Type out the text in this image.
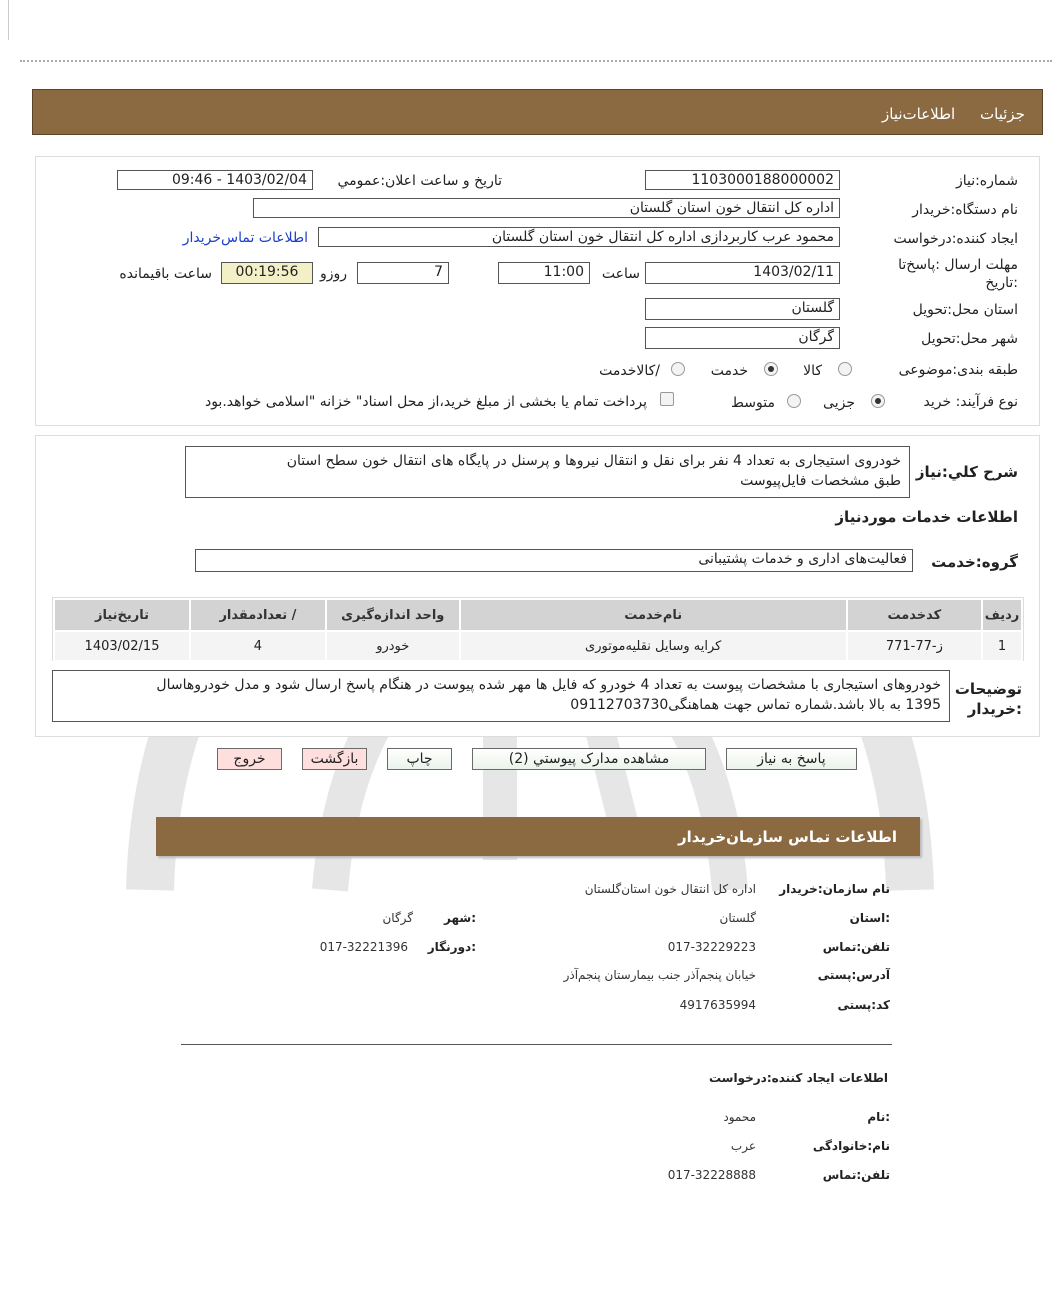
جزئیات
اطلاعات‌نیاز
شماره:نیاز
1103000188000002
تاریخ و ساعت اعلان:عمومي
1403/02/04 - 09:46
نام دستگاه:خریدار
اداره کل انتقال خون استان گلستان
ایجاد کننده:درخواست
محمود عرب کاربردازی اداره کل انتقال خون استان گلستان
اطلاعات تماس‌خریدار
مهلت ارسال :پاسخ‌تا
:تاریخ
1403/02/11
ساعت
11:00
7
روزو
00:19:56
ساعت باقیمانده
استان محل:تحویل
گلستان
شهر محل:تحویل
گرگان
طبقه بندی:موضوعی
کالا
خدمت
/کالاخدمت
نوع فرآیند: خرید
جزیی
متوسط
پرداخت تمام یا بخشی از مبلغ خرید،از محل اسناد" خزانه "اسلامی خواهد.بود
شرح کلي:نیاز
خودروی استیجاری به تعداد 4 نفر برای نقل و انتقال نیروها و پرسنل در پایگاه های انتقال خون سطح استان
طبق مشخصات فایل‌پیوست
اطلاعات خدمات موردنیاز
گروه:خدمت
فعالیت‌های اداری و خدمات پشتیبانی
ردیف	کدخدمت	نام‌خدمت	واحد اندازه‌گیری	/ تعدادمقدار	تاریخ‌نیاز
1	ز-77-771	کرایه وسایل نقلیه‌موتوری	خودرو	4	1403/02/15
توضیحات
:خریدار
خودروهای استیجاری با مشخصات پیوست به تعداد 4 خودرو که فایل ها مهر شده پیوست در هنگام پاسخ ارسال شود و مدل خودروهاسال
1395 به بالا باشد.شماره تماس جهت هماهنگی09112703730
پاسخ به نیاز
مشاهده مدارک پیوستي (2)
چاپ
بازگشت
خروج
اطلاعات تماس سازمان‌خریدار
نام سازمان:خریدار
اداره کل انتقال خون استان‌گلستان
:استان
گلستان
:شهر
گرگان
تلفن:تماس
017-32229223
:دورنگار
017-32221396
آدرس:پستی
خیابان پنجم‌آذر جنب بیمارستان پنجم‌آذر
کد:پستی
4917635994
اطلاعات ایجاد کننده:درخواست
:نام
محمود
نام:خانوادگی
عرب
تلفن:تماس
017-32228888
